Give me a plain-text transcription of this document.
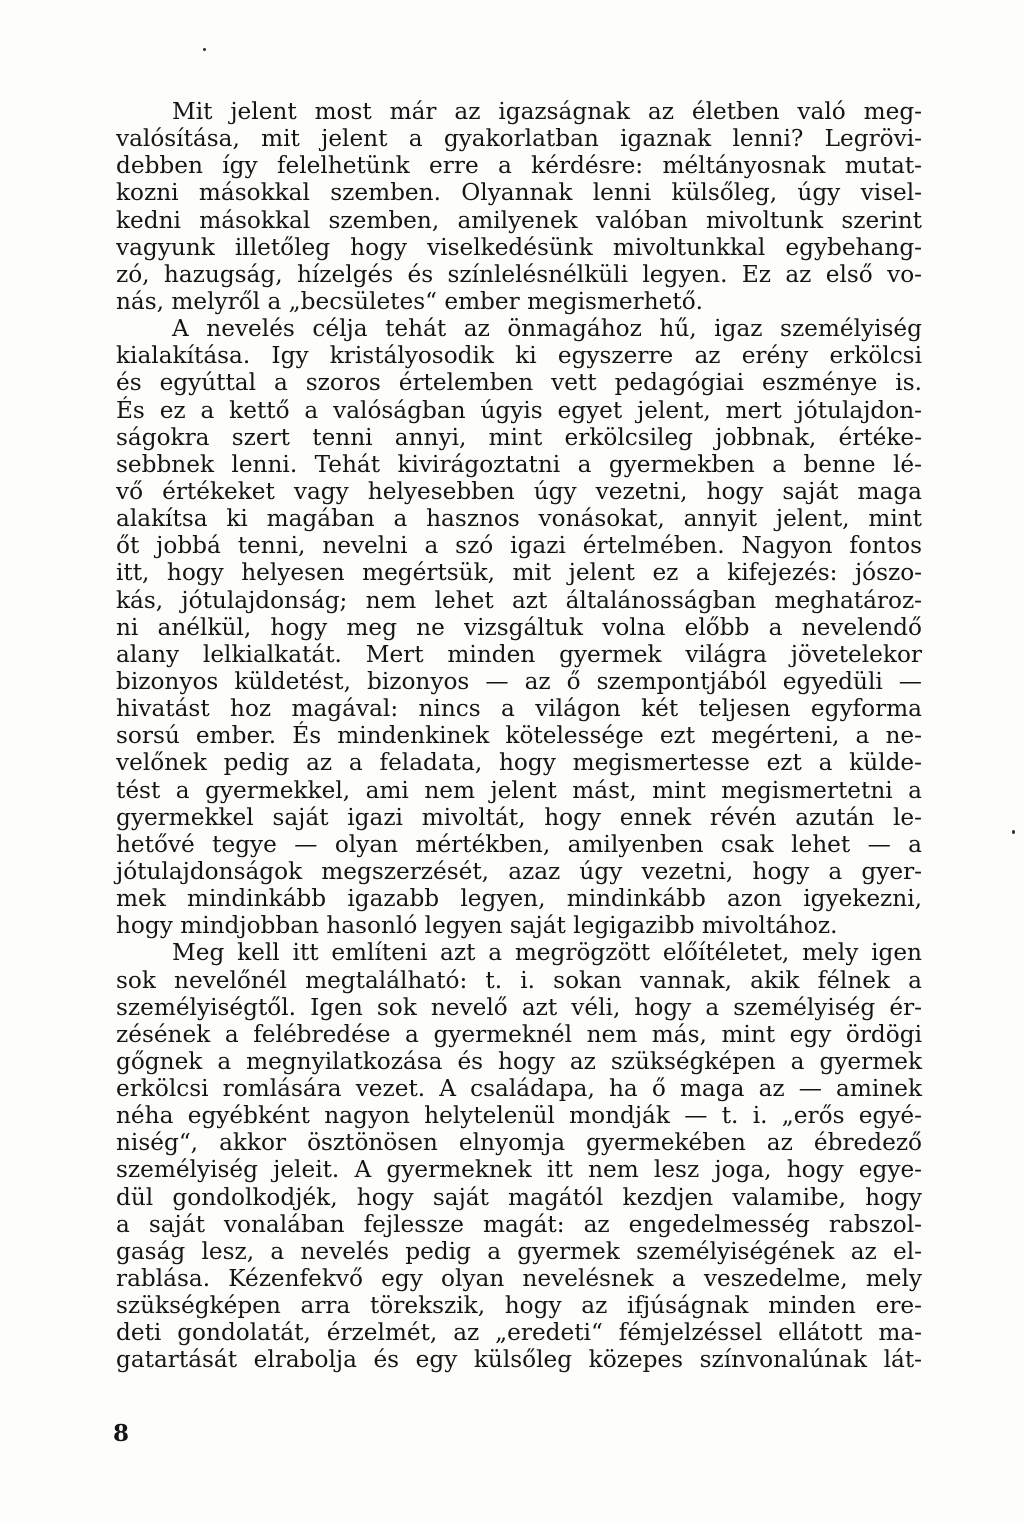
Mit jelent most már az igazságnak az életben való meg-
valósítása, mit jelent a gyakorlatban igaznak lenni? Legrövi-
debben így felelhetünk erre a kérdésre: méltányosnak mutat-
kozni másokkal szemben. Olyannak lenni külsőleg, úgy visel-
kedni másokkal szemben, amilyenek valóban mivoltunk szerint
vagyunk illetőleg hogy viselkedésünk mivoltunkkal egybehang-
zó, hazugság, hízelgés és színlelésnélküli legyen. Ez az első vo-
nás, melyről a „becsületes“ ember megismerhető.
A nevelés célja tehát az önmagához hű, igaz személyiség
kialakítása. Igy kristályosodik ki egyszerre az erény erkölcsi
és egyúttal a szoros értelemben vett pedagógiai eszménye is.
És ez a kettő a valóságban úgyis egyet jelent, mert jótulajdon-
ságokra szert tenni annyi, mint erkölcsileg jobbnak, értéke-
sebbnek lenni. Tehát kivirágoztatni a gyermekben a benne lé-
vő értékeket vagy helyesebben úgy vezetni, hogy saját maga
alakítsa ki magában a hasznos vonásokat, annyit jelent, mint
őt jobbá tenni, nevelni a szó igazi értelmében. Nagyon fontos
itt, hogy helyesen megértsük, mit jelent ez a kifejezés: jószo-
kás, jótulajdonság; nem lehet azt általánosságban meghatároz-
ni anélkül, hogy meg ne vizsgáltuk volna előbb a nevelendő
alany lelkialkatát. Mert minden gyermek világra jövetelekor
bizonyos küldetést, bizonyos — az ő szempontjából egyedüli —
hivatást hoz magával: nincs a világon két teljesen egyforma
sorsú ember. És mindenkinek kötelessége ezt megérteni, a ne-
velőnek pedig az a feladata, hogy megismertesse ezt a külde-
tést a gyermekkel, ami nem jelent mást, mint megismertetni a
gyermekkel saját igazi mivoltát, hogy ennek révén azután le-
hetővé tegye — olyan mértékben, amilyenben csak lehet — a
jótulajdonságok megszerzését, azaz úgy vezetni, hogy a gyer-
mek mindinkább igazabb legyen, mindinkább azon igyekezni,
hogy mindjobban hasonló legyen saját legigazibb mivoltához.
Meg kell itt említeni azt a megrögzött előítéletet, mely igen
sok nevelőnél megtalálható: t. i. sokan vannak, akik félnek a
személyiségtől. Igen sok nevelő azt véli, hogy a személyiség ér-
zésének a felébredése a gyermeknél nem más, mint egy ördögi
gőgnek a megnyilatkozása és hogy az szükségképen a gyermek
erkölcsi romlására vezet. A családapa, ha ő maga az — aminek
néha egyébként nagyon helytelenül mondják — t. i. „erős egyé-
niség“, akkor ösztönösen elnyomja gyermekében az ébredező
személyiség jeleit. A gyermeknek itt nem lesz joga, hogy egye-
dül gondolkodjék, hogy saját magától kezdjen valamibe, hogy
a saját vonalában fejlessze magát: az engedelmesség rabszol-
gaság lesz, a nevelés pedig a gyermek személyiségének az el-
rablása. Kézenfekvő egy olyan nevelésnek a veszedelme, mely
szükségképen arra törekszik, hogy az ifjúságnak minden ere-
deti gondolatát, érzelmét, az „eredeti“ fémjelzéssel ellátott ma-
gatartását elrabolja és egy külsőleg közepes színvonalúnak lát-
8
